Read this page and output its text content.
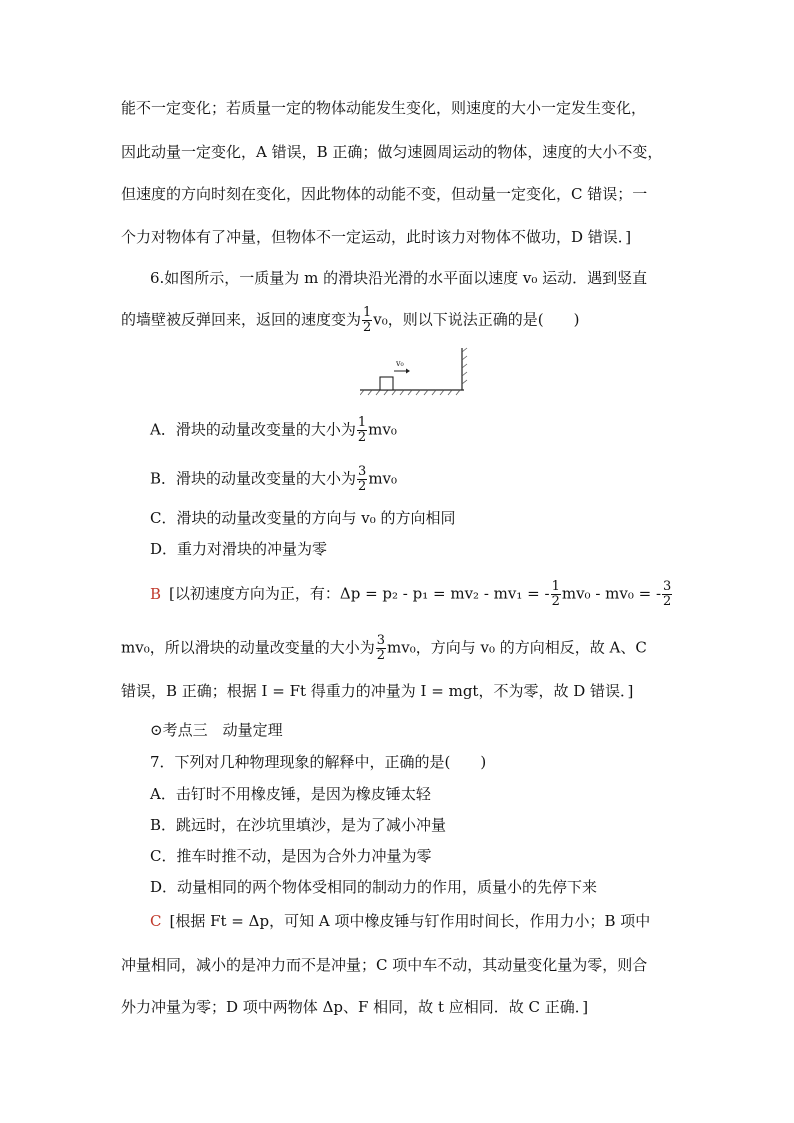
能不一定变化；若质量一定的物体动能发生变化，则速度的大小一定发生变化，
因此动量一定变化，A 错误，B 正确；做匀速圆周运动的物体，速度的大小不变，
但速度的方向时刻在变化，因此物体的动能不变，但动量一定变化，C 错误；一
个力对物体有了冲量，但物体不一定运动，此时该力对物体不做功，D 错误．]
6.如图所示，一质量为 m 的滑块沿光滑的水平面以速度 v₀ 运动．遇到竖直
的墙壁被反弹回来，返回的速度变为 $\frac{1}{2} v_0$，则以下说法正确的是(　　)
v₀
A．滑块的动量改变量的大小为 $\frac{1}{2} mv_0$
B．滑块的动量改变量的大小为 $\frac{3}{2} mv_0$
C．滑块的动量改变量的方向与 v₀ 的方向相同
D．重力对滑块的冲量为零
B [以初速度方向为正，有：Δp = p₂ - p₁ = mv₂ - mv₁ = - $\frac{1}{2} mv_0 - mv_0$ = - $\frac{3}{2}$
mv₀，所以滑块的动量改变量的大小为 $\frac{3}{2} mv_0$，方向与 v₀ 的方向相反，故 A、C
错误，B 正确；根据 I = Ft 得重力的冲量为 I = mgt，不为零，故 D 错误．]
⊙考点三　动量定理
7．下列对几种物理现象的解释中，正确的是(　　)
A．击钉时不用橡皮锤，是因为橡皮锤太轻
B．跳远时，在沙坑里填沙，是为了减小冲量
C．推车时推不动，是因为合外力冲量为零
D．动量相同的两个物体受相同的制动力的作用，质量小的先停下来
C [根据 Ft = Δp，可知 A 项中橡皮锤与钉作用时间长，作用力小；B 项中
冲量相同，减小的是冲力而不是冲量；C 项中车不动，其动量变化量为零，则合
外力冲量为零；D 项中两物体 Δp、F 相同，故 t 应相同．故 C 正确．]
